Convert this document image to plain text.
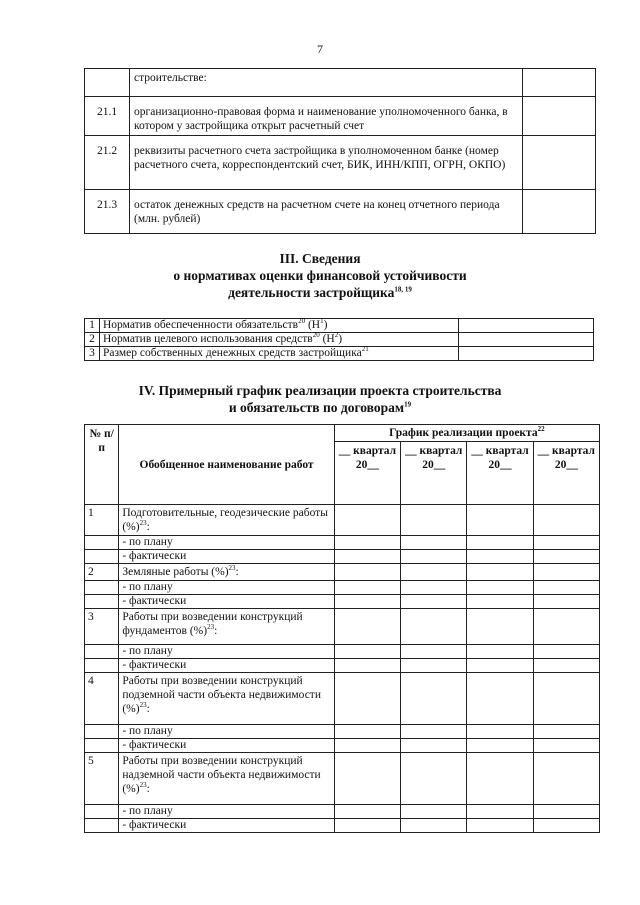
7
	строительстве:	
21.1	организационно-правовая форма и наименование уполномоченного банка, в котором у застройщика открыт расчетный счет	
21.2	реквизиты расчетного счета застройщика в уполномоченном банке (номер расчетного счета, корреспондентский счет, БИК, ИНН/КПП, ОГРН, ОКПО)	
21.3	остаток денежных средств на расчетном счете на конец отчетного периода (млн. рублей)	
III. Сведения
о нормативах оценки финансовой устойчивости
деятельности застройщика$^{18, 19}$
1	Норматив обеспеченности обязательств$^{20}$ $(Н^1)$	
2	Норматив целевого использования средств$^{20}$ $(Н^2)$	
3	Размер собственных денежных средств застройщика$^{21}$	
IV. Примерный график реализации проекта строительства
и обязательств по договорам$^{19}$
№ п/п	Обобщенное наименование работ	График реализации проекта$^{22}$
		__ квартал 20__	__ квартал 20__	__ квартал 20__	__ квартал 20__
1	Подготовительные, геодезические работы (%)$^{23}$:				
	- по плану				
	- фактически				
2	Земляные работы (%)$^{23}$:				
	- по плану				
	- фактически				
3	Работы при возведении конструкций фундаментов (%)$^{23}$:				
	- по плану				
	- фактически				
4	Работы при возведении конструкций подземной части объекта недвижимости (%)$^{23}$:				
	- по плану				
	- фактически				
5	Работы при возведении конструкций надземной части объекта недвижимости (%)$^{23}$:				
	- по плану				
	- фактически				
